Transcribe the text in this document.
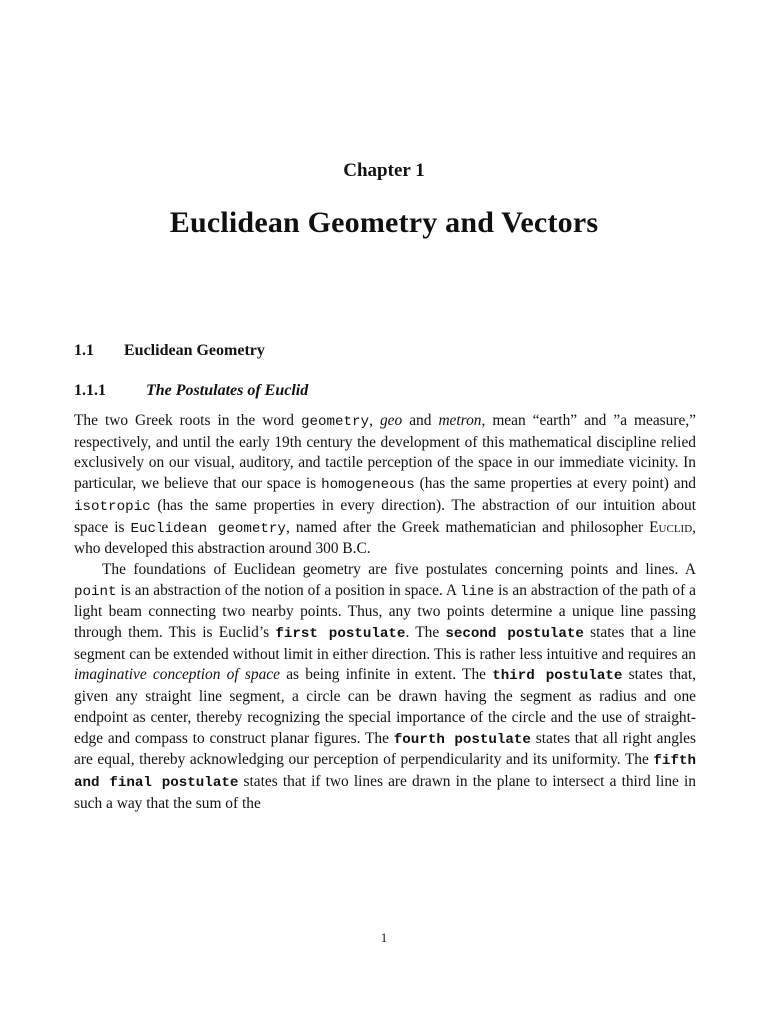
Chapter 1
Euclidean Geometry and Vectors
1.1 Euclidean Geometry
1.1.1	The Postulates of Euclid

The two Greek roots in the word geometry, geo and metron, mean “earth” and ”a measure,” respectively, and until the early 19th century the development of this mathematical discipline relied exclusively on our visual, auditory, and tactile perception of the space in our immediate vicinity. In particular, we believe that our space is homogeneous (has the same properties at every point) and isotropic (has the same properties in every direction). The abstraction of our intuition about space is Euclidean geometry, named after the Greek mathematician and philosopher Euclid, who developed this abstraction around 300 B.C.

The foundations of Euclidean geometry are five postulates concerning points and lines. A point is an abstraction of the notion of a position in space. A line is an abstraction of the path of a light beam connecting two nearby points. Thus, any two points determine a unique line passing through them. This is Euclid’s first postulate. The second postulate states that a line segment can be extended without limit in either direction. This is rather less intuitive and requires an imaginative conception of space as being infinite in extent. The third postulate states that, given any straight line segment, a circle can be drawn having the segment as radius and one endpoint as center, thereby recognizing the special importance of the circle and the use of straight-edge and compass to construct planar figures. The fourth postulate states that all right angles are equal, thereby acknowledging our perception of perpendicularity and its uniformity. The fifth and final postulate states that if two lines are drawn in the plane to intersect a third line in such a way that the sum of the

1
